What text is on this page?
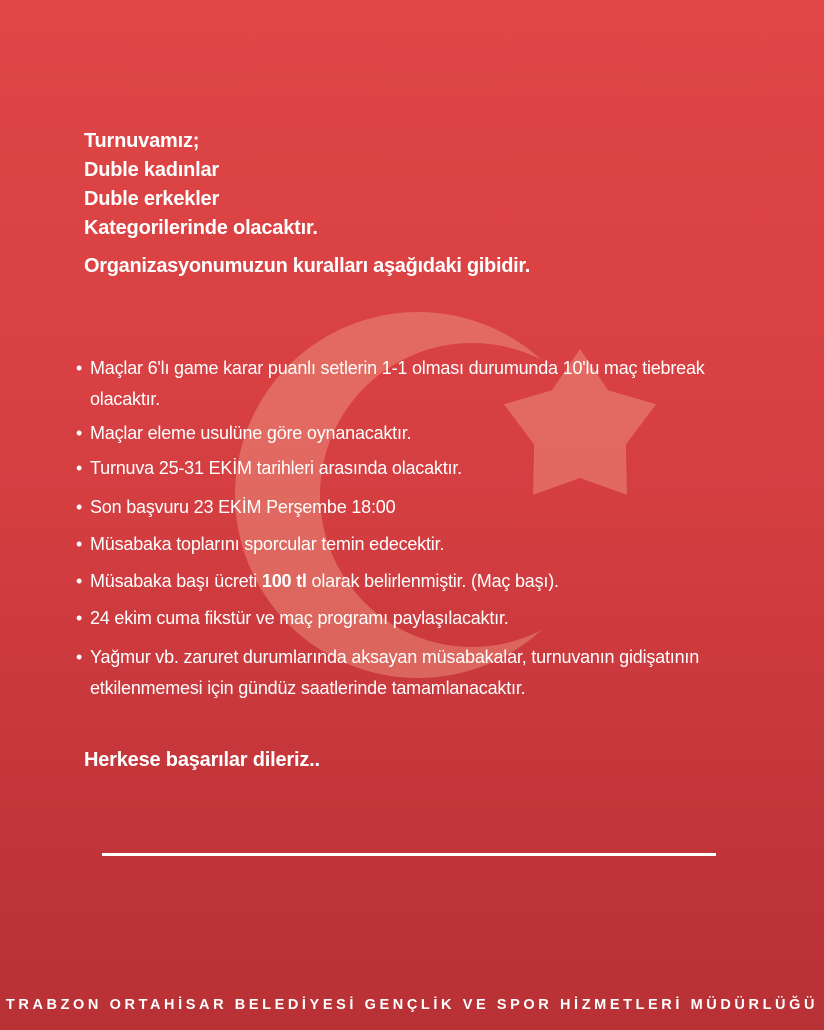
Turnuvamız;
Duble kadınlar
Duble erkekler
Kategorilerinde olacaktır.
Organizasyonumuzun kuralları aşağıdaki gibidir.
• Maçlar 6'lı game karar puanlı setlerin 1-1 olması durumunda 10'lu maç tiebreak olacaktır.
• Maçlar eleme usulüne göre oynanacaktır.
• Turnuva 25-31 EKİM tarihleri arasında olacaktır.
• Son başvuru 23 EKİM Perşembe 18:00
• Müsabaka toplarını sporcular temin edecektir.
• Müsabaka başı ücreti 100 tl olarak belirlenmiştir. (Maç başı).
• 24 ekim cuma fikstür ve maç programı paylaşılacaktır.
• Yağmur vb. zaruret durumlarında aksayan müsabakalar, turnuvanın gidişatının etkilenmemesi için gündüz saatlerinde tamamlanacaktır.
Herkese başarılar dileriz..
TRABZON ORTAHİSAR BELEDİYESİ GENÇLİK VE SPOR HİZMETLERİ MÜDÜRLÜĞÜ
